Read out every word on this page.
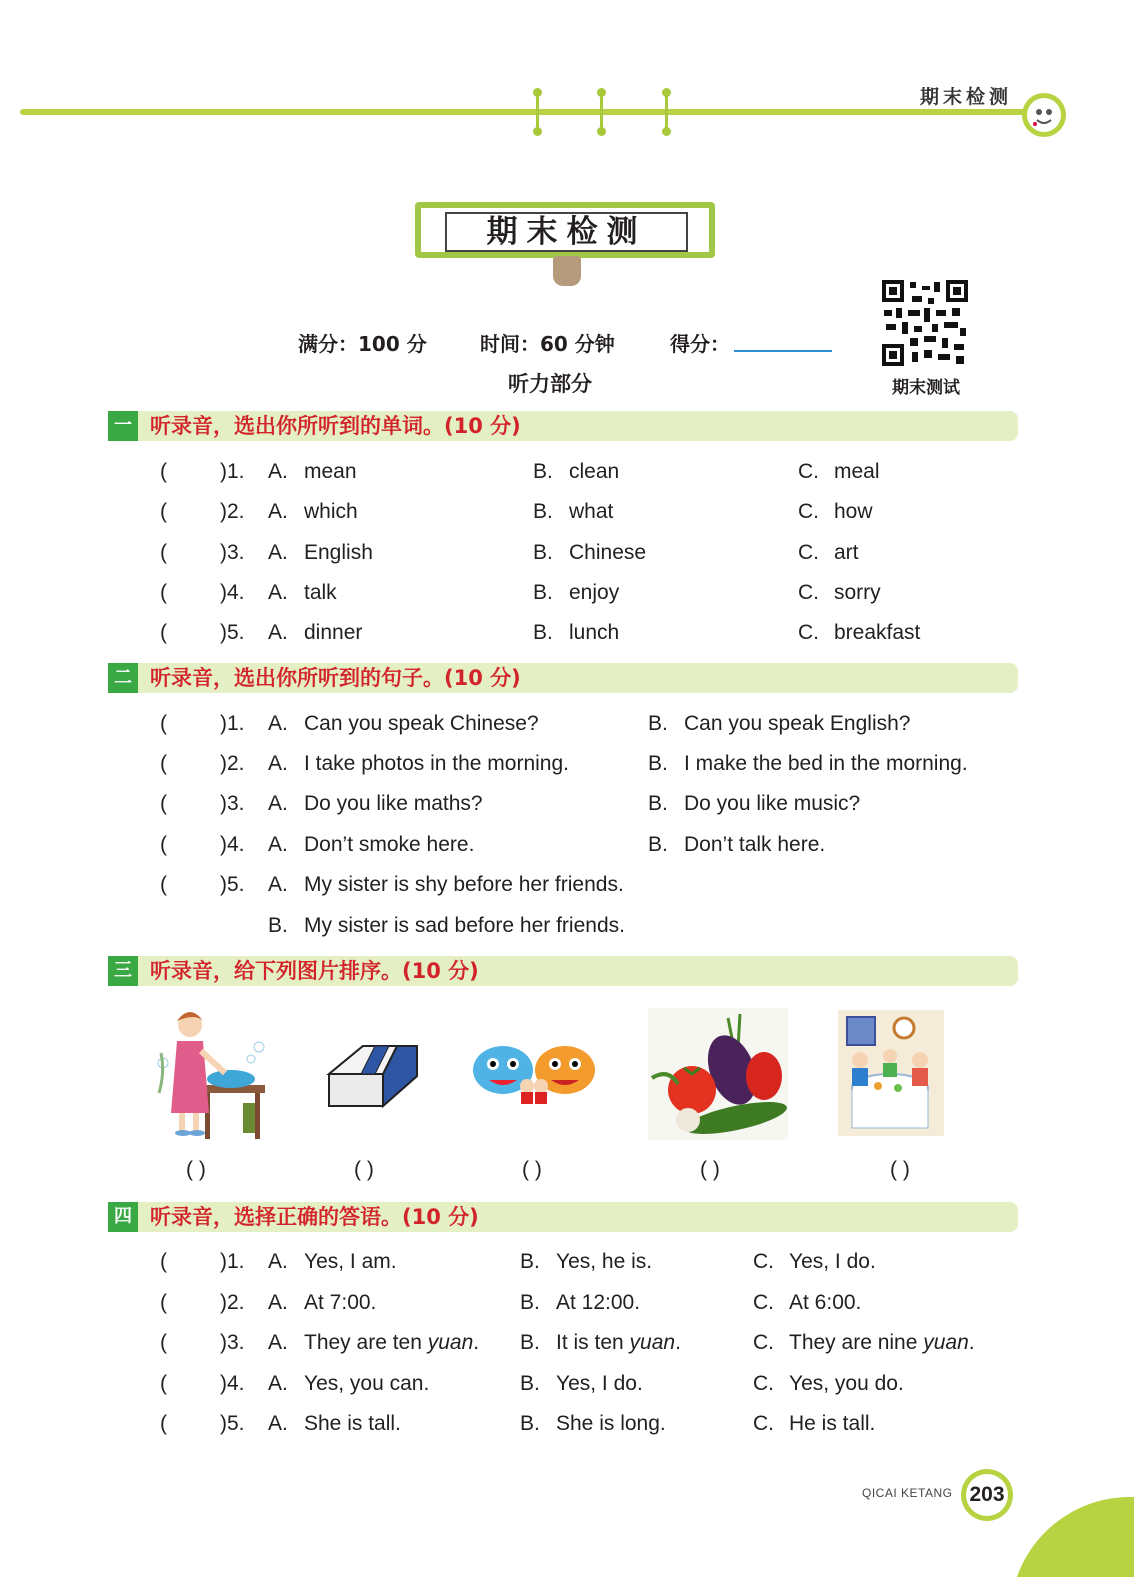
期末检测
期末检测
期末测试
满分：100 分	时间：60 分钟	得分：
听力部分
一 听录音，选出你所听到的单词。(10 分)
(	)1. A. mean	B. clean	C. meal
(	)2. A. which	B. what	C. how
(	)3. A. English	B. Chinese	C. art
(	)4. A. talk	B. enjoy	C. sorry
(	)5. A. dinner	B. lunch	C. breakfast
二 听录音，选出你所听到的句子。(10 分)
(	)1. A. Can you speak Chinese?	B. Can you speak English?
(	)2. A. I take photos in the morning.	B. I make the bed in the morning.
(	)3. A. Do you like maths?	B. Do you like music?
(	)4. A. Don’t smoke here.	B. Don’t talk here.
(	)5. A. My sister is shy before her friends.
B. My sister is sad before her friends.
三 听录音，给下列图片排序。(10 分)
( )	( )	( )	( )	( )
四 听录音，选择正确的答语。(10 分)
(	)1. A. Yes, I am.	B. Yes, he is.	C. Yes, I do.
(	)2. A. At 7:00.	B. At 12:00.	C. At 6:00.
(	)3. A. They are ten yuan. B. It is ten yuan.	C. They are nine yuan.
(	)4. A. Yes, you can.	B. Yes, I do.	C. Yes, you do.
(	)5. A. She is tall.	B. She is long.	C. He is tall.
QICAI KETANG 203
